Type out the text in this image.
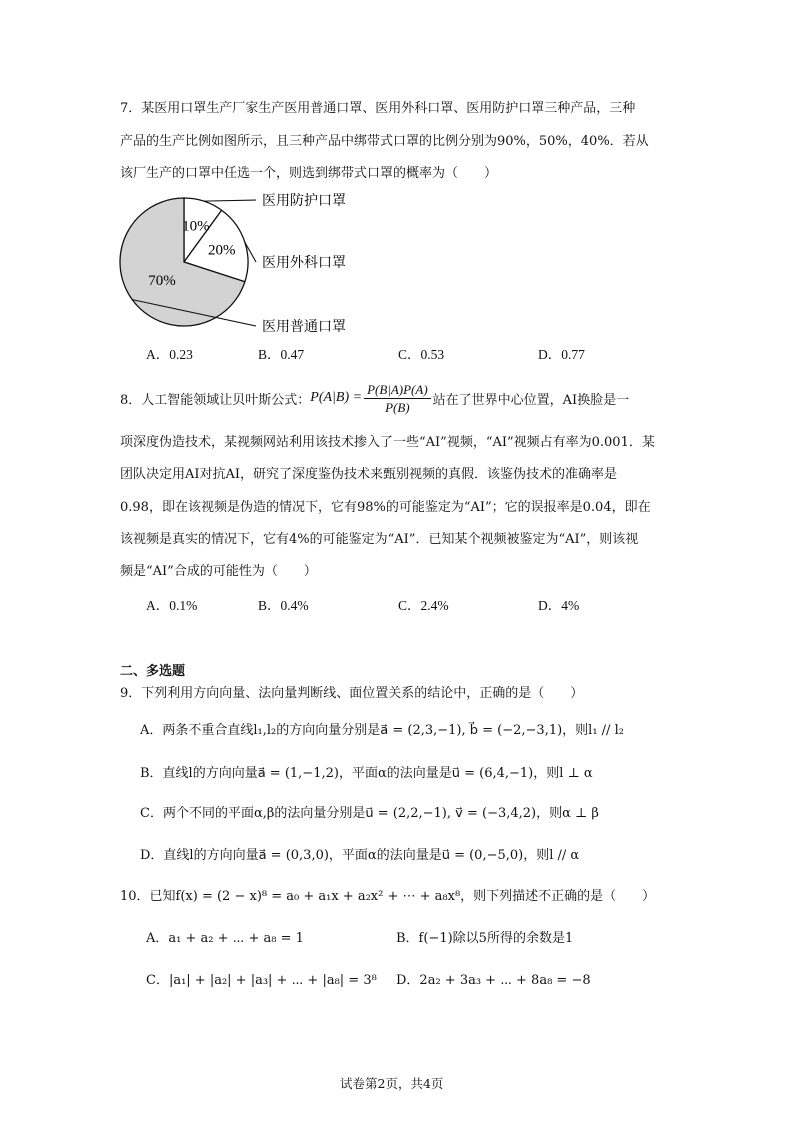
7．某医用口罩生产厂家生产医用普通口罩、医用外科口罩、医用防护口罩三种产品，三种
产品的生产比例如图所示，且三种产品中绑带式口罩的比例分别为90%，50%，40%．若从
该厂生产的口罩中任选一个，则选到绑带式口罩的概率为（　　）
10%
医用防护口罩
20%
医用外科口罩
70%
医用普通口罩
A．0.23	B．0.47	C．0.53	D．0.77
8．人工智能领域让贝叶斯公式： $P(A|B) = \frac{P(B|A)P(A)}{P(B)}$ 站在了世界中心位置，AI换脸是一
项深度伪造技术，某视频网站利用该技术掺入了一些“AI”视频，“AI”视频占有率为0.001．某
团队决定用AI对抗AI，研究了深度鉴伪技术来甄别视频的真假．该鉴伪技术的准确率是
0.98，即在该视频是伪造的情况下，它有98%的可能鉴定为“AI”；它的误报率是0.04，即在
该视频是真实的情况下，它有4%的可能鉴定为“AI”．已知某个视频被鉴定为“AI”，则该视
频是“AI”合成的可能性为（　　）
A．0.1%	B．0.4%	C．2.4%	D．4%
二、多选题
9．下列利用方向向量、法向量判断线、面位置关系的结论中，正确的是（　　）
A．两条不重合直线l₁,l₂的方向向量分别是a⃗ = (2,3,−1), b⃗ = (−2,−3,1)，则l₁ // l₂
B．直线l的方向向量a⃗ = (1,−1,2)，平面α的法向量是u⃗ = (6,4,−1)，则l ⊥ α
C．两个不同的平面α,β的法向量分别是u⃗ = (2,2,−1), v⃗ = (−3,4,2)，则α ⊥ β
D．直线l的方向向量a⃗ = (0,3,0)，平面α的法向量是u⃗ = (0,−5,0)，则l // α
10．已知f(x) = (2 − x)⁸ = a₀ + a₁x + a₂x² + ⋯ + a₈x⁸，则下列描述不正确的是（　　）
A．a₁ + a₂ + ⋯ + a₈ = 1	B．f(−1)除以5所得的余数是1
C．|a₁| + |a₂| + |a₃| + ⋯ + |a₈| = 3⁸ D．2a₂ + 3a₃ + ⋯ + 8a₈ = −8
试卷第2页，共4页
